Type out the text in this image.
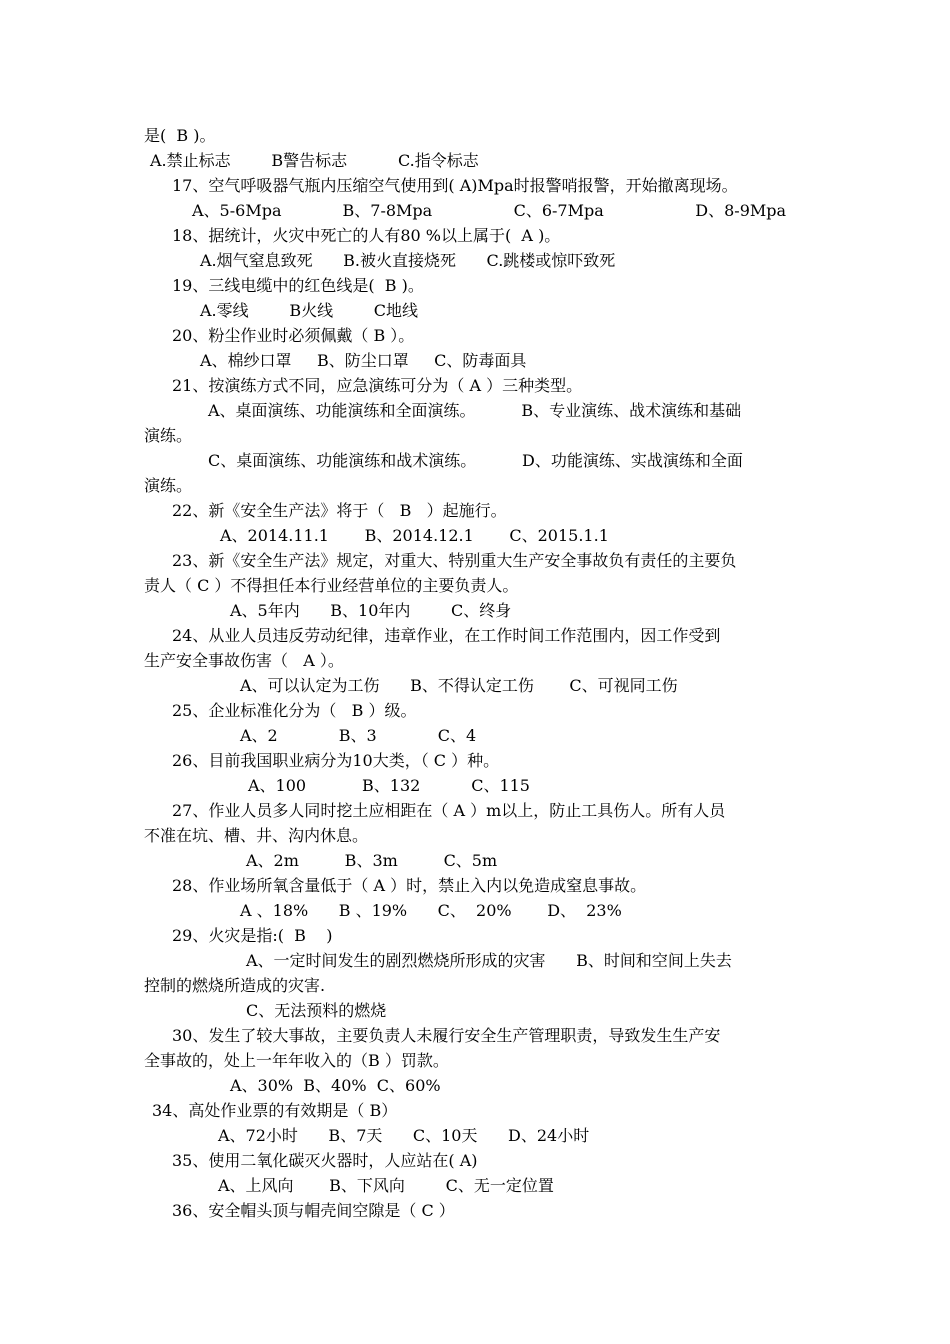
是(  B )。
A.禁止标志        B警告标志          C.指令标志
17、空气呼吸器气瓶内压缩空气使用到( A)Mpa时报警哨报警，开始撤离现场。
A、5-6Mpa            B、7-8Mpa                C、6-7Mpa                  D、8-9Mpa
18、据统计，火灾中死亡的人有80 %以上属于(  A )。
A.烟气窒息致死      B.被火直接烧死      C.跳楼或惊吓致死
19、三线电缆中的红色线是(  B )。
A.零线        B火线        C地线
20、粉尘作业时必须佩戴（ B ）。
A、棉纱口罩     B、防尘口罩     C、防毒面具
21、按演练方式不同，应急演练可分为（ A ）三种类型。
A、桌面演练、功能演练和全面演练。         B、专业演练、战术演练和基础
演练。
C、桌面演练、功能演练和战术演练。         D、功能演练、实战演练和全面
演练。
22、新《安全生产法》将于（   B   ）起施行。
A、2014.11.1       B、2014.12.1       C、2015.1.1
23、新《安全生产法》规定，对重大、特别重大生产安全事故负有责任的主要负
责人（ C ）不得担任本行业经营单位的主要负责人。
A、5年内      B、10年内        C、终身
24、从业人员违反劳动纪律，违章作业，在工作时间工作范围内，因工作受到
生产安全事故伤害（   A ）。
A、可以认定为工伤      B、不得认定工伤       C、可视同工伤
25、企业标准化分为（   B ）级。
A、2            B、3            C、4
26、目前我国职业病分为10大类，（ C ）种。
A、100           B、132          C、115
27、作业人员多人同时挖土应相距在（ A ）m以上，防止工具伤人。所有人员
不准在坑、槽、井、沟内休息。
A、2m         B、3m         C、5m
28、作业场所氧含量低于（ A ）时，禁止入内以免造成窒息事故。
A 、18%      B 、19%      C、  20%       D、  23%
29、火灾是指:(  B    )
A、一定时间发生的剧烈燃烧所形成的灾害      B、时间和空间上失去
控制的燃烧所造成的灾害.
C、无法预料的燃烧
30、发生了较大事故，主要负责人未履行安全生产管理职责，导致发生生产安
全事故的，处上一年年收入的（B ）罚款。
A、30%  B、40%  C、60%
34、高处作业票的有效期是（ B）
A、72小时      B、7天      C、10天      D、24小时
35、使用二氧化碳灭火器时，人应站在( A)
A、上风向       B、下风向        C、无一定位置
36、安全帽头顶与帽壳间空隙是（ C ）
